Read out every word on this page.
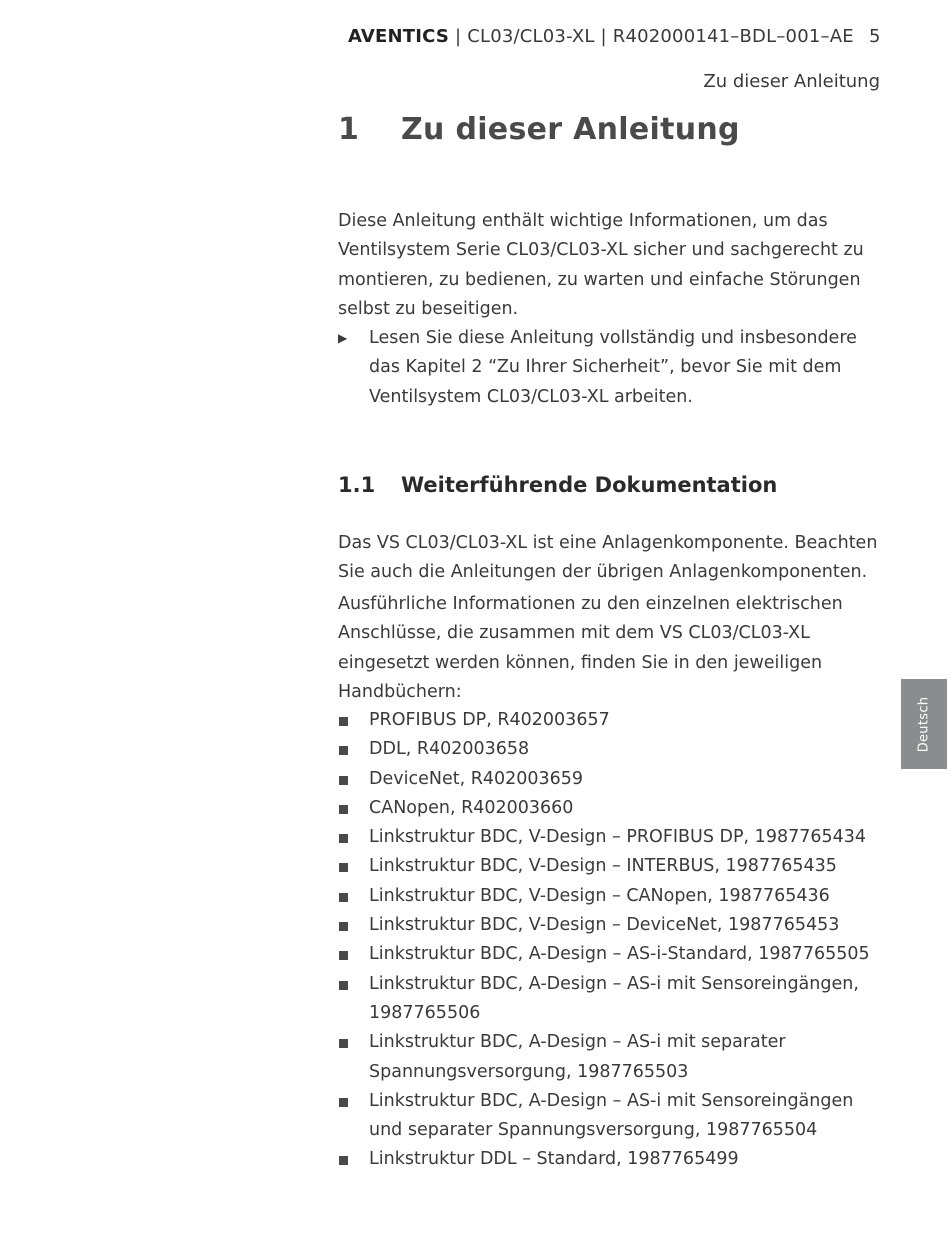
AVENTICS | CL03/CL03-XL | R402000141–BDL–001–AE 5
Zu dieser Anleitung
1 Zu dieser Anleitung

Diese Anleitung enthält wichtige Informationen, um das Ventilsystem Serie CL03/CL03-XL sicher und sachgerecht zu montieren, zu bedienen, zu warten und einfache Störungen selbst zu beseitigen.

▶ Lesen Sie diese Anleitung vollständig und insbesondere das Kapitel 2 “Zu Ihrer Sicherheit”, bevor Sie mit dem Ventilsystem CL03/CL03-XL arbeiten.
1.1 Weiterführende Dokumentation

Das VS CL03/CL03-XL ist eine Anlagenkomponente. Beachten Sie auch die Anleitungen der übrigen Anlagenkomponenten.

Ausführliche Informationen zu den einzelnen elektrischen Anschlüsse, die zusammen mit dem VS CL03/CL03-XL eingesetzt werden können, finden Sie in den jeweiligen Handbüchern:

PROFIBUS DP, R402003657
DDL, R402003658
DeviceNet, R402003659
CANopen, R402003660
Linkstruktur BDC, V-Design – PROFIBUS DP, 1987765434
Linkstruktur BDC, V-Design – INTERBUS, 1987765435
Linkstruktur BDC, V-Design – CANopen, 1987765436
Linkstruktur BDC, V-Design – DeviceNet, 1987765453
Linkstruktur BDC, A-Design – AS-i-Standard, 1987765505
Linkstruktur BDC, A-Design – AS-i mit Sensoreingängen, 1987765506
Linkstruktur BDC, A-Design – AS-i mit separater Spannungsversorgung, 1987765503
Linkstruktur BDC, A-Design – AS-i mit Sensoreingängen und separater Spannungsversorgung, 1987765504
Linkstruktur DDL – Standard, 1987765499
Deutsch
